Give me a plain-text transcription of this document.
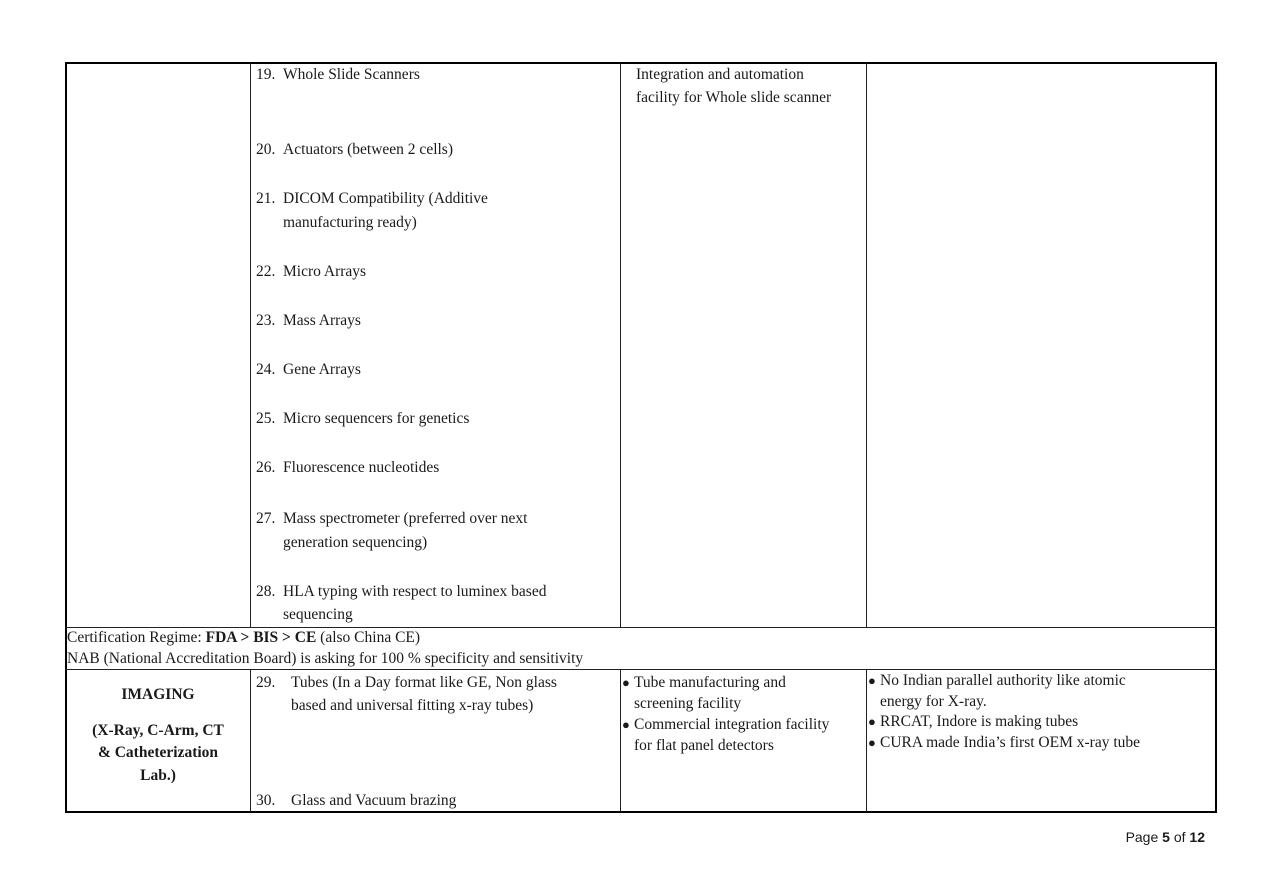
19. Whole Slide Scanners
20. Actuators (between 2 cells)
21. DICOM Compatibility (Additive
manufacturing ready)
22. Micro Arrays
23. Mass Arrays
24. Gene Arrays
25. Micro sequencers for genetics
26. Fluorescence nucleotides
27. Mass spectrometer (preferred over next
generation sequencing)
28. HLA typing with respect to luminex based
sequencing
Integration and automation
facility for Whole slide scanner
Certification Regime: FDA > BIS > CE (also China CE)
NAB (National Accreditation Board) is asking for 100 % specificity and sensitivity
IMAGING
(X-Ray, C-Arm, CT
& Catheterization
Lab.)
29. Tubes (In a Day format like GE, Non glass
based and universal fitting x-ray tubes)
30. Glass and Vacuum brazing
● Tube manufacturing and
screening facility
● Commercial integration facility
for flat panel detectors
● No Indian parallel authority like atomic
energy for X-ray.
● RRCAT, Indore is making tubes
● CURA made India’s first OEM x-ray tube
Page 5 of 12
